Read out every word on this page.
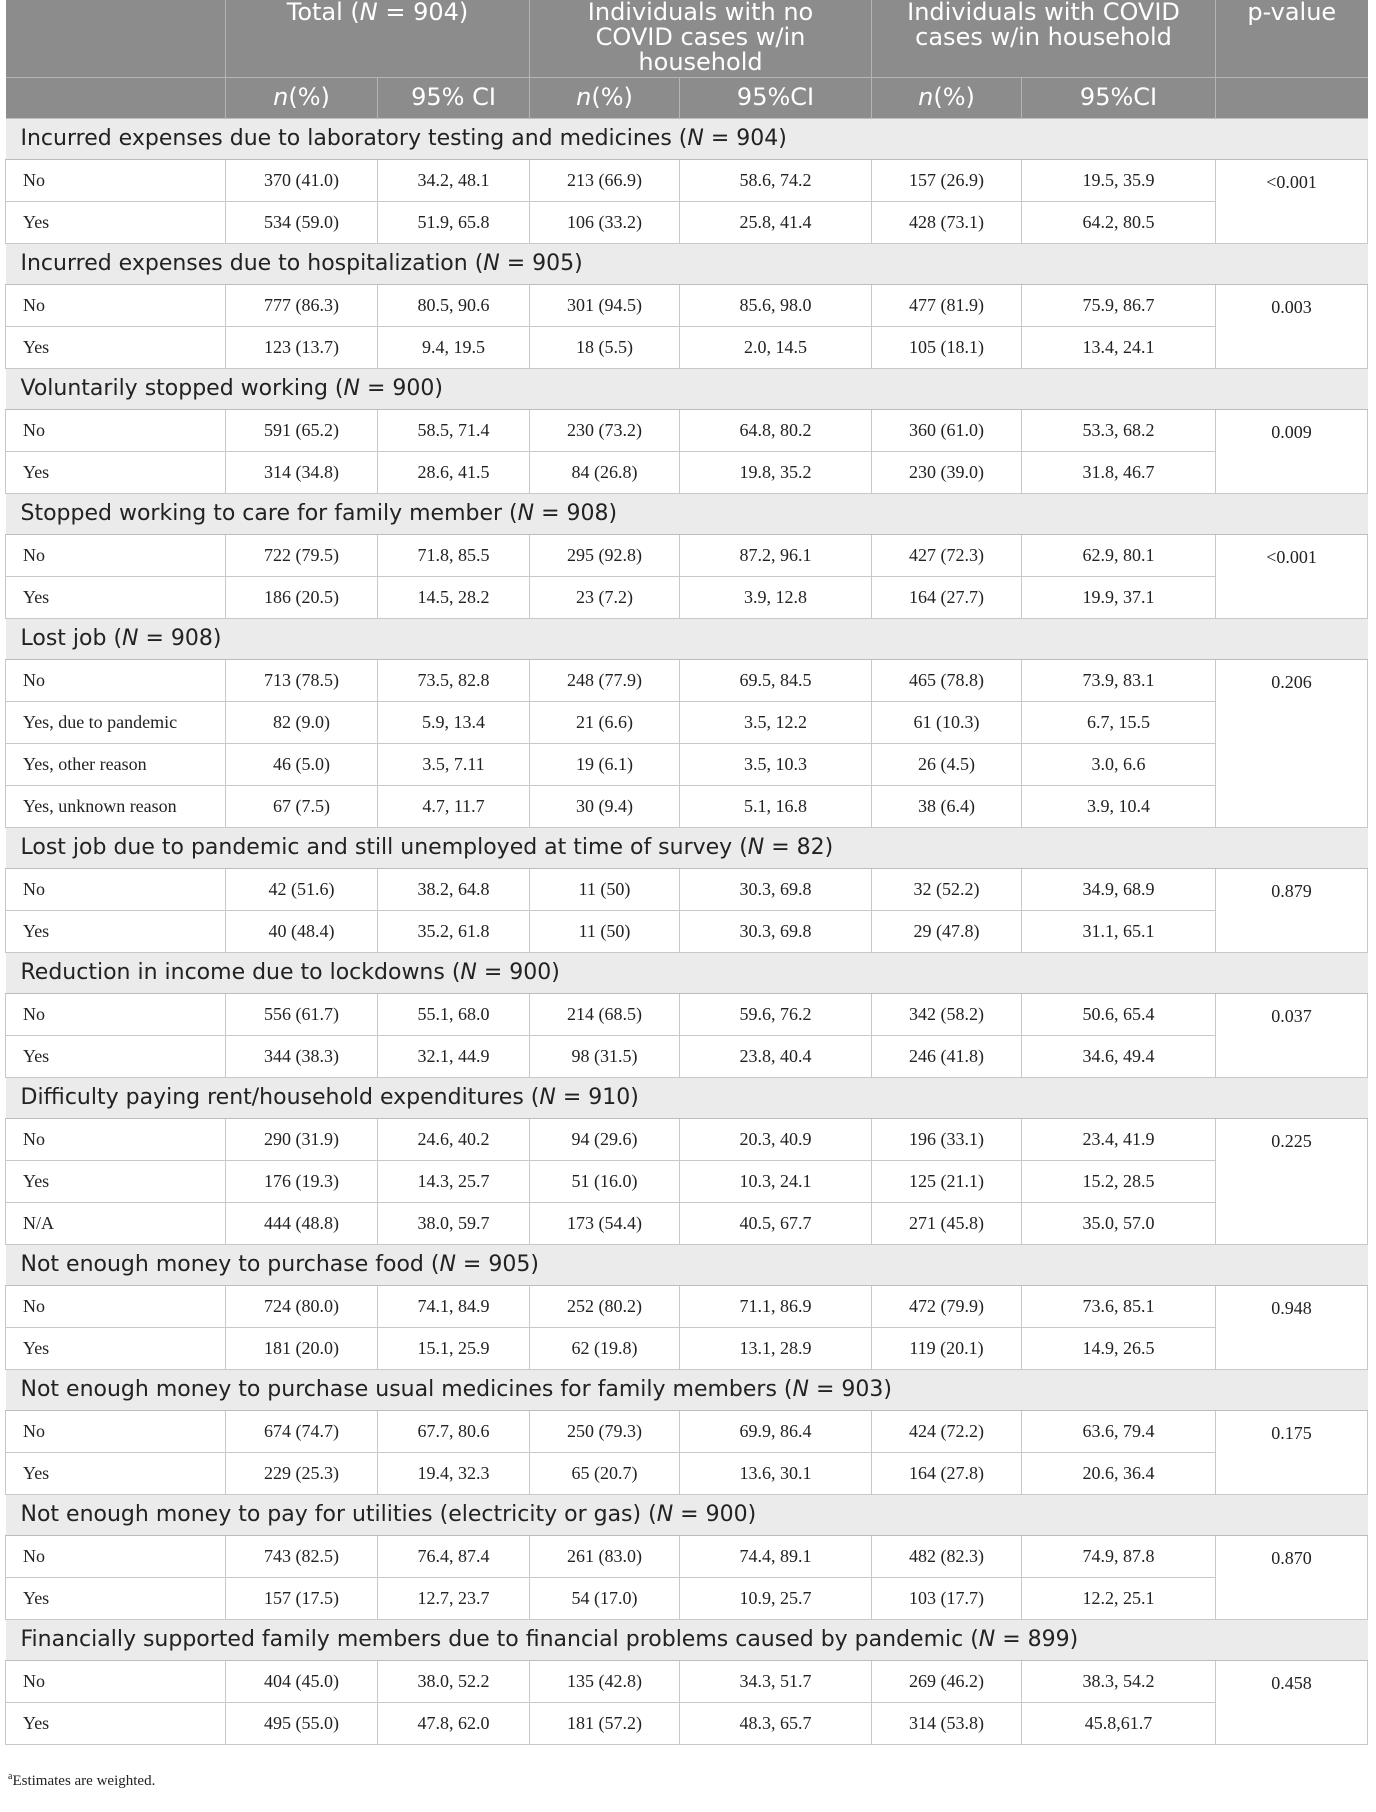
	Total (N = 904)		Individuals with no COVID cases w/in household		Individuals with COVID cases w/in household		p-value
	n(%)	95% CI	n(%)	95%CI	n(%)	95%CI	
Incurred expenses due to laboratory testing and medicines (N = 904)							
No	370 (41.0)	34.2, 48.1	213 (66.9)	58.6, 74.2	157 (26.9)	19.5, 35.9	<0.001
Yes	534 (59.0)	51.9, 65.8	106 (33.2)	25.8, 41.4	428 (73.1)	64.2, 80.5	
Incurred expenses due to hospitalization (N = 905)							
No	777 (86.3)	80.5, 90.6	301 (94.5)	85.6, 98.0	477 (81.9)	75.9, 86.7	0.003
Yes	123 (13.7)	9.4, 19.5	18 (5.5)	2.0, 14.5	105 (18.1)	13.4, 24.1	
Voluntarily stopped working (N = 900)							
No	591 (65.2)	58.5, 71.4	230 (73.2)	64.8, 80.2	360 (61.0)	53.3, 68.2	0.009
Yes	314 (34.8)	28.6, 41.5	84 (26.8)	19.8, 35.2	230 (39.0)	31.8, 46.7	
Stopped working to care for family member (N = 908)							
No	722 (79.5)	71.8, 85.5	295 (92.8)	87.2, 96.1	427 (72.3)	62.9, 80.1	<0.001
Yes	186 (20.5)	14.5, 28.2	23 (7.2)	3.9, 12.8	164 (27.7)	19.9, 37.1	
Lost job (N = 908)							
No	713 (78.5)	73.5, 82.8	248 (77.9)	69.5, 84.5	465 (78.8)	73.9, 83.1	0.206
Yes, due to pandemic	82 (9.0)	5.9, 13.4	21 (6.6)	3.5, 12.2	61 (10.3)	6.7, 15.5	
Yes, other reason	46 (5.0)	3.5, 7.11	19 (6.1)	3.5, 10.3	26 (4.5)	3.0, 6.6	
Yes, unknown reason	67 (7.5)	4.7, 11.7	30 (9.4)	5.1, 16.8	38 (6.4)	3.9, 10.4	
Lost job due to pandemic and still unemployed at time of survey (N = 82)							
No	42 (51.6)	38.2, 64.8	11 (50)	30.3, 69.8	32 (52.2)	34.9, 68.9	0.879
Yes	40 (48.4)	35.2, 61.8	11 (50)	30.3, 69.8	29 (47.8)	31.1, 65.1	
Reduction in income due to lockdowns (N = 900)							
No	556 (61.7)	55.1, 68.0	214 (68.5)	59.6, 76.2	342 (58.2)	50.6, 65.4	0.037
Yes	344 (38.3)	32.1, 44.9	98 (31.5)	23.8, 40.4	246 (41.8)	34.6, 49.4	
Difficulty paying rent/household expenditures (N = 910)							
No	290 (31.9)	24.6, 40.2	94 (29.6)	20.3, 40.9	196 (33.1)	23.4, 41.9	0.225
Yes	176 (19.3)	14.3, 25.7	51 (16.0)	10.3, 24.1	125 (21.1)	15.2, 28.5	
N/A	444 (48.8)	38.0, 59.7	173 (54.4)	40.5, 67.7	271 (45.8)	35.0, 57.0	
Not enough money to purchase food (N = 905)							
No	724 (80.0)	74.1, 84.9	252 (80.2)	71.1, 86.9	472 (79.9)	73.6, 85.1	0.948
Yes	181 (20.0)	15.1, 25.9	62 (19.8)	13.1, 28.9	119 (20.1)	14.9, 26.5	
Not enough money to purchase usual medicines for family members (N = 903)							
No	674 (74.7)	67.7, 80.6	250 (79.3)	69.9, 86.4	424 (72.2)	63.6, 79.4	0.175
Yes	229 (25.3)	19.4, 32.3	65 (20.7)	13.6, 30.1	164 (27.8)	20.6, 36.4	
Not enough money to pay for utilities (electricity or gas) (N = 900)							
No	743 (82.5)	76.4, 87.4	261 (83.0)	74.4, 89.1	482 (82.3)	74.9, 87.8	0.870
Yes	157 (17.5)	12.7, 23.7	54 (17.0)	10.9, 25.7	103 (17.7)	12.2, 25.1	
Financially supported family members due to financial problems caused by pandemic (N = 899)							
No	404 (45.0)	38.0, 52.2	135 (42.8)	34.3, 51.7	269 (46.2)	38.3, 54.2	0.458
Yes	495 (55.0)	47.8, 62.0	181 (57.2)	48.3, 65.7	314 (53.8)	45.8,61.7	
$^a$Estimates are weighted.
